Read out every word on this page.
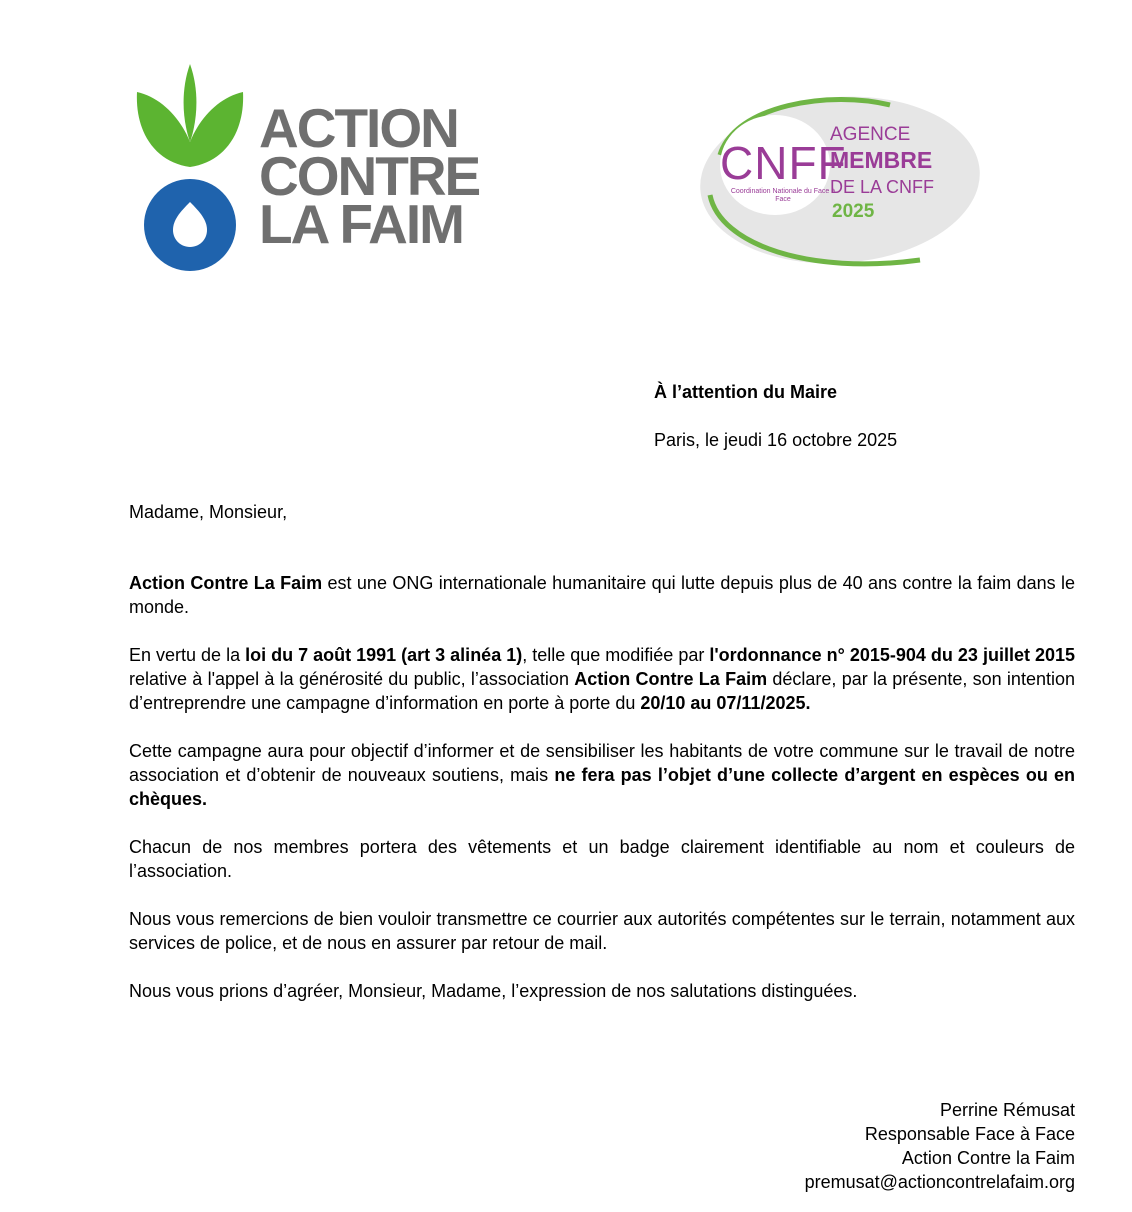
ACTION
CONTRE
LA FAIM
CNFF
Coordination Nationale du Face à Face
AGENCE
MEMBRE
DE LA CNFF
2025
À l’attention du Maire
Paris, le jeudi 16 octobre 2025
Madame, Monsieur,

Action Contre La Faim est une ONG internationale humanitaire qui lutte depuis plus de 40 ans contre la faim dans le monde.

En vertu de la loi du 7 août 1991 (art 3 alinéa 1), telle que modifiée par l'ordonnance n° 2015-904 du 23 juillet 2015 relative à l'appel à la générosité du public, l’association Action Contre La Faim déclare, par la présente, son intention d’entreprendre une campagne d’information en porte à porte du 20/10 au 07/11/2025.

Cette campagne aura pour objectif d’informer et de sensibiliser les habitants de votre commune sur le travail de notre association et d’obtenir de nouveaux soutiens, mais ne fera pas l’objet d’une collecte d’argent en espèces ou en chèques.

Chacun de nos membres portera des vêtements et un badge clairement identifiable au nom et couleurs de l’association.

Nous vous remercions de bien vouloir transmettre ce courrier aux autorités compétentes sur le terrain, notamment aux services de police, et de nous en assurer par retour de mail.

Nous vous prions d’agréer, Monsieur, Madame, l’expression de nos salutations distinguées.

Perrine Rémusat
Responsable Face à Face
Action Contre la Faim
premusat@actioncontrelafaim.org
